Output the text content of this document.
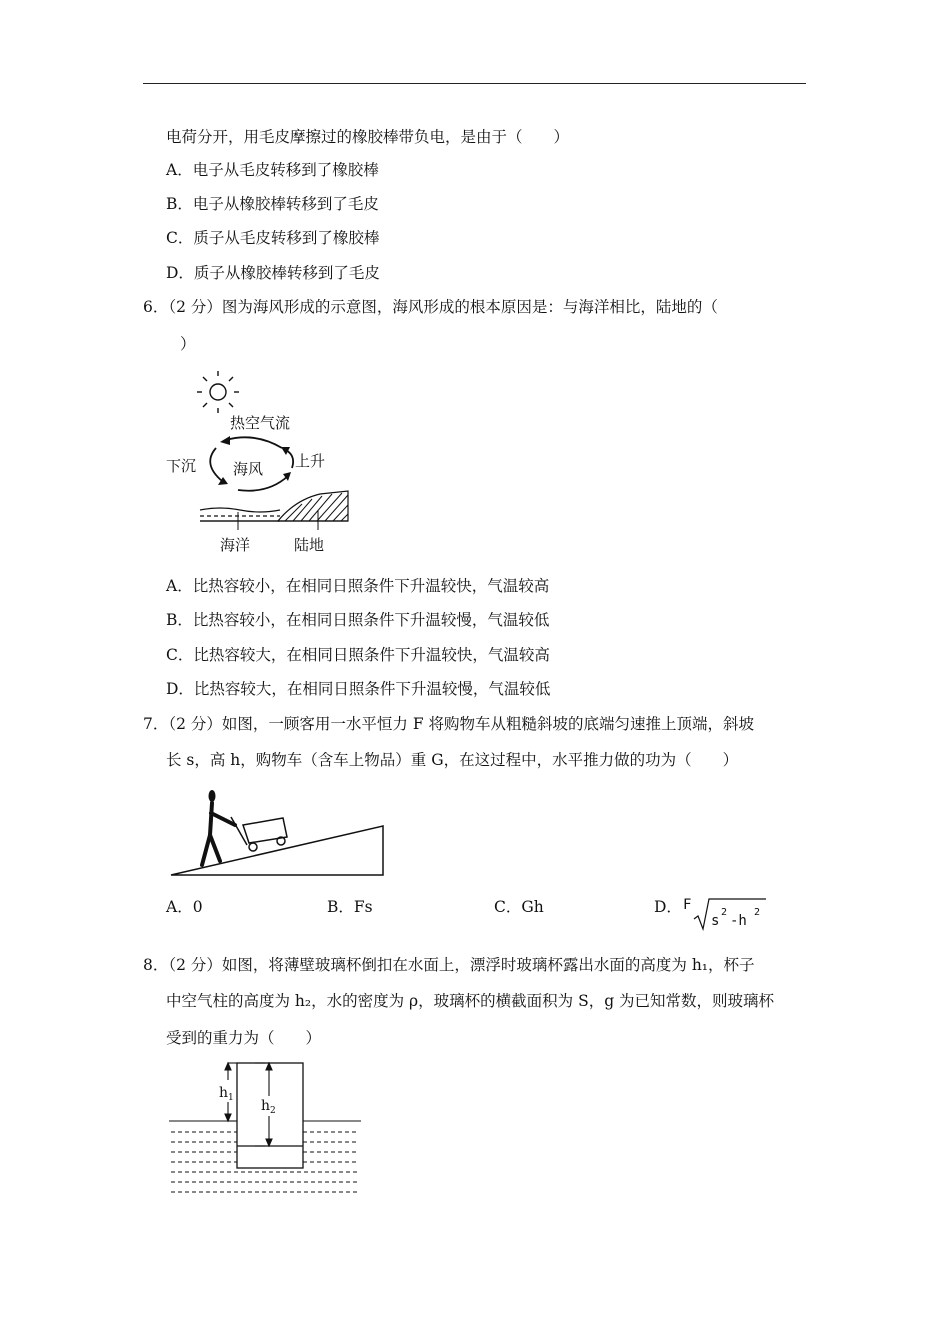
电荷分开，用毛皮摩擦过的橡胶棒带负电，是由于（　　）
A．电子从毛皮转移到了橡胶棒
B．电子从橡胶棒转移到了毛皮
C．质子从毛皮转移到了橡胶棒
D．质子从橡胶棒转移到了毛皮
6．（2 分）图为海风形成的示意图，海风形成的根本原因是：与海洋相比，陆地的（
）
热空气流
下沉 海风 上升
海洋	陆地
A．比热容较小，在相同日照条件下升温较快，气温较高
B．比热容较小，在相同日照条件下升温较慢，气温较低
C．比热容较大，在相同日照条件下升温较快，气温较高
D．比热容较大，在相同日照条件下升温较慢，气温较低
7．（2 分）如图，一顾客用一水平恒力 F 将购物车从粗糙斜坡的底端匀速推上顶端，斜坡
长 s，高 h，购物车（含车上物品）重 G，在这过程中，水平推力做的功为（　　）
A．0	B．Fs	C．Gh	D． F
s
2
-h
2
8．（2 分）如图，将薄壁玻璃杯倒扣在水面上，漂浮时玻璃杯露出水面的高度为 h₁，杯子
中空气柱的高度为 h₂，水的密度为 ρ，玻璃杯的横截面积为 S，g 为已知常数，则玻璃杯
受到的重力为（　　）
$h_1$ $h_2$
